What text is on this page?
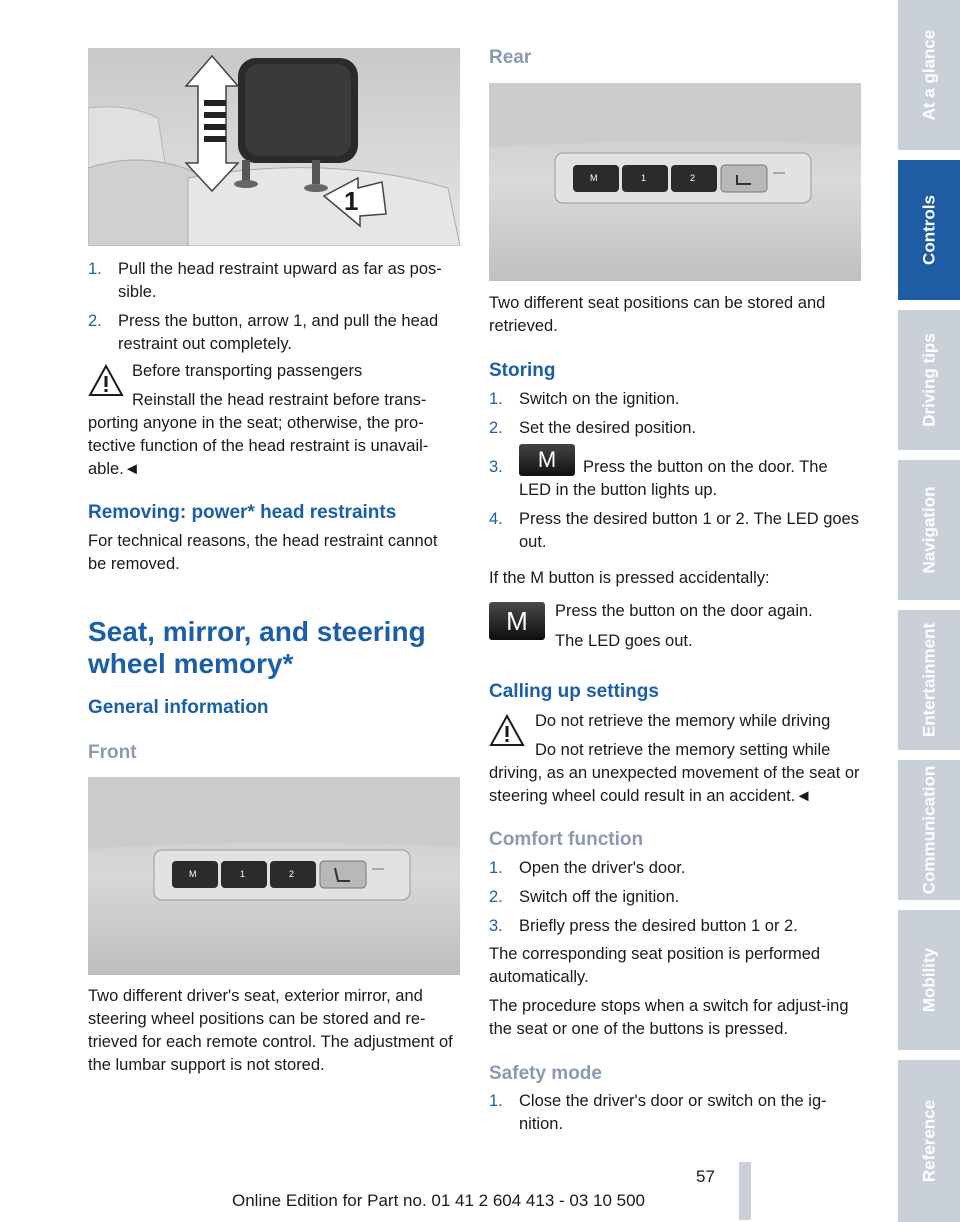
1
1. Pull the head restraint upward as far as pos-sible.
2. Press the button, arrow 1, and pull the head restraint out completely.
Before transporting passengers
Reinstall the head restraint before trans-
porting anyone in the seat; otherwise, the pro-tective function of the head restraint is unavail-able.◄
Removing: power* head restraints
For technical reasons, the head restraint cannot be removed.
Seat, mirror, and steering
wheel memory*
General information
Front
M	1	2
Two different driver's seat, exterior mirror, and steering wheel positions can be stored and re-trieved for each remote control. The adjustment of the lumbar support is not stored.
Rear
M	1	2
Two different seat positions can be stored and retrieved.
Storing
1. Switch on the ignition.
2. Set the desired position.
3.	M	Press the button on the door. The LED in the button lights up.
4. Press the desired button 1 or 2. The LED goes out.
If the M button is pressed accidentally:
M	Press the button on the door again.
The LED goes out.
Calling up settings
Do not retrieve the memory while driving
Do not retrieve the memory setting while
driving, as an unexpected movement of the seat or steering wheel could result in an accident.◄
Comfort function
1. Open the driver's door.
2. Switch off the ignition.
3. Briefly press the desired button 1 or 2.
The corresponding seat position is performed automatically.
The procedure stops when a switch for adjust-ing the seat or one of the buttons is pressed.
Safety mode
1. Close the driver's door or switch on the ig-nition.
At a glance
Controls
Driving tips
Navigation
Entertainment
Communication
Mobility
Reference
57
Online Edition for Part no. 01 41 2 604 413 - 03 10 500
